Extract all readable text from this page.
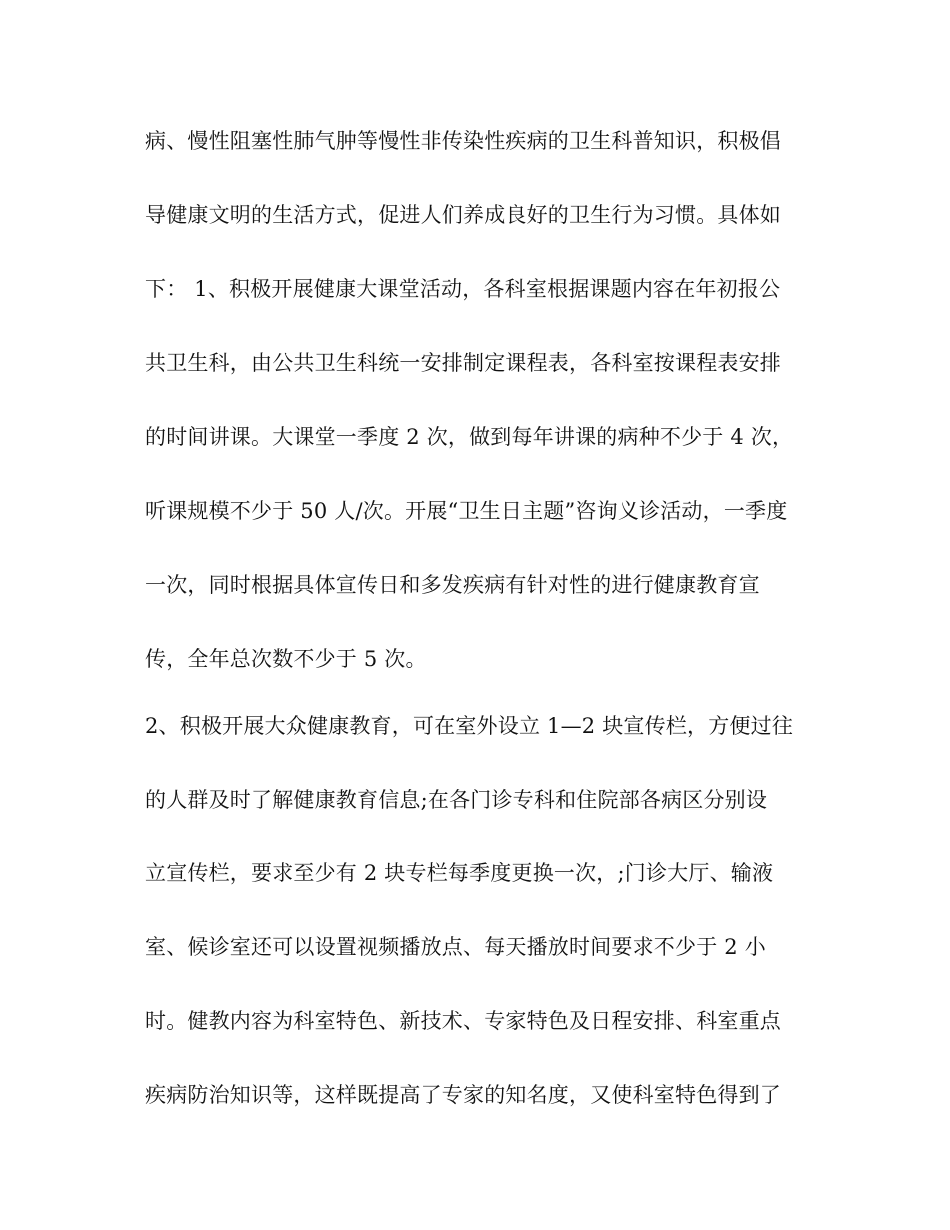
病、慢性阻塞性肺气肿等慢性非传染性疾病的卫生科普知识，积极倡
导健康文明的生活方式，促进人们养成良好的卫生行为习惯。具体如
下： 1、积极开展健康大课堂活动，各科室根据课题内容在年初报公
共卫生科，由公共卫生科统一安排制定课程表，各科室按课程表安排
的时间讲课。大课堂一季度 2 次，做到每年讲课的病种不少于 4 次，
听课规模不少于 50 人/次。开展“卫生日主题”咨询义诊活动，一季度
一次，同时根据具体宣传日和多发疾病有针对性的进行健康教育宣
传，全年总次数不少于 5 次。
2、积极开展大众健康教育，可在室外设立 1—2 块宣传栏，方便过往
的人群及时了解健康教育信息;在各门诊专科和住院部各病区分别设
立宣传栏，要求至少有 2 块专栏每季度更换一次，;门诊大厅、输液
室、候诊室还可以设置视频播放点、每天播放时间要求不少于 2 小
时。健教内容为科室特色、新技术、专家特色及日程安排、科室重点
疾病防治知识等，这样既提高了专家的知名度，又使科室特色得到了
